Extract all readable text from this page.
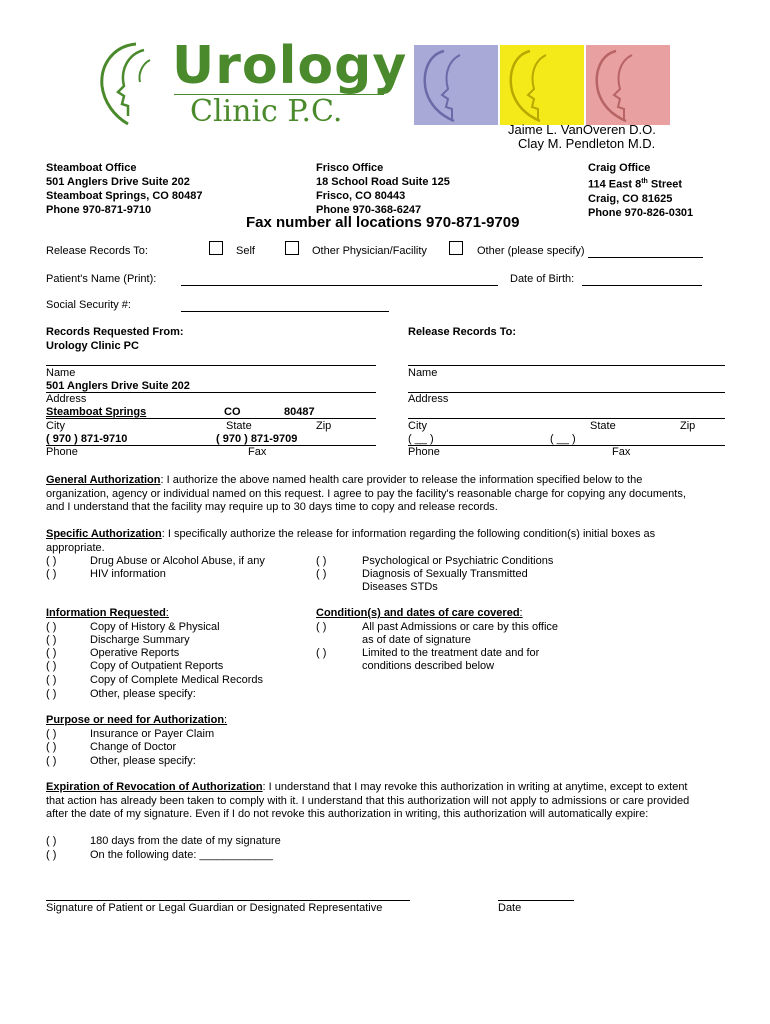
Urology
Clinic P.C.
Jaime L. VanOveren D.O.
Clay M. Pendleton M.D.
Steamboat Office
501 Anglers Drive Suite 202
Steamboat Springs, CO 80487
Phone 970-871-9710
Frisco Office
18 School Road Suite 125
Frisco, CO 80443
Phone 970-368-6247
Craig Office
114 East 8th Street
Craig, CO 81625
Phone 970-826-0301
Fax number all locations 970-871-9709
Release Records To:	Self	Other Physician/Facility	Other (please specify)
Patient's Name (Print):	Date of Birth:
Social Security #:
Records Requested From:
Urology Clinic PC
Name
501 Anglers Drive Suite 202
Address
Steamboat Springs	CO	80487
City	State	Zip
( 970 ) 871-9710	( 970 ) 871-9709
Phone	Fax
Release Records To:
Name
Address
City	State	Zip
( __ )	( __ )
Phone	Fax
General Authorization: I authorize the above named health care provider to release the information specified below to the
organization, agency or individual named on this request. I agree to pay the facility's reasonable charge for copying any documents,
and I understand that the facility may require up to 30 days time to copy and release records.
Specific Authorization: I specifically authorize the release for information regarding the following condition(s) initial boxes as
appropriate.
( )	Drug Abuse or Alcohol Abuse, if any
( )	HIV information
( )	Psychological or Psychiatric Conditions
( )	Diagnosis of Sexually Transmitted
Diseases STDs
Information Requested:
( )	Copy of History & Physical
( )	Discharge Summary
( )	Operative Reports
( )	Copy of Outpatient Reports
( )	Copy of Complete Medical Records
( )	Other, please specify:
Condition(s) and dates of care covered:
( )	All past Admissions or care by this office
as of date of signature
( )	Limited to the treatment date and for
conditions described below
Purpose or need for Authorization:
( )	Insurance or Payer Claim
( )	Change of Doctor
( )	Other, please specify:
Expiration of Revocation of Authorization: I understand that I may revoke this authorization in writing at anytime, except to extent
that action has already been taken to comply with it. I understand that this authorization will not apply to admissions or care provided
after the date of my signature. Even if I do not revoke this authorization in writing, this authorization will automatically expire:
( )	180 days from the date of my signature
( )	On the following date: ____________
Signature of Patient or Legal Guardian or Designated Representative	Date
